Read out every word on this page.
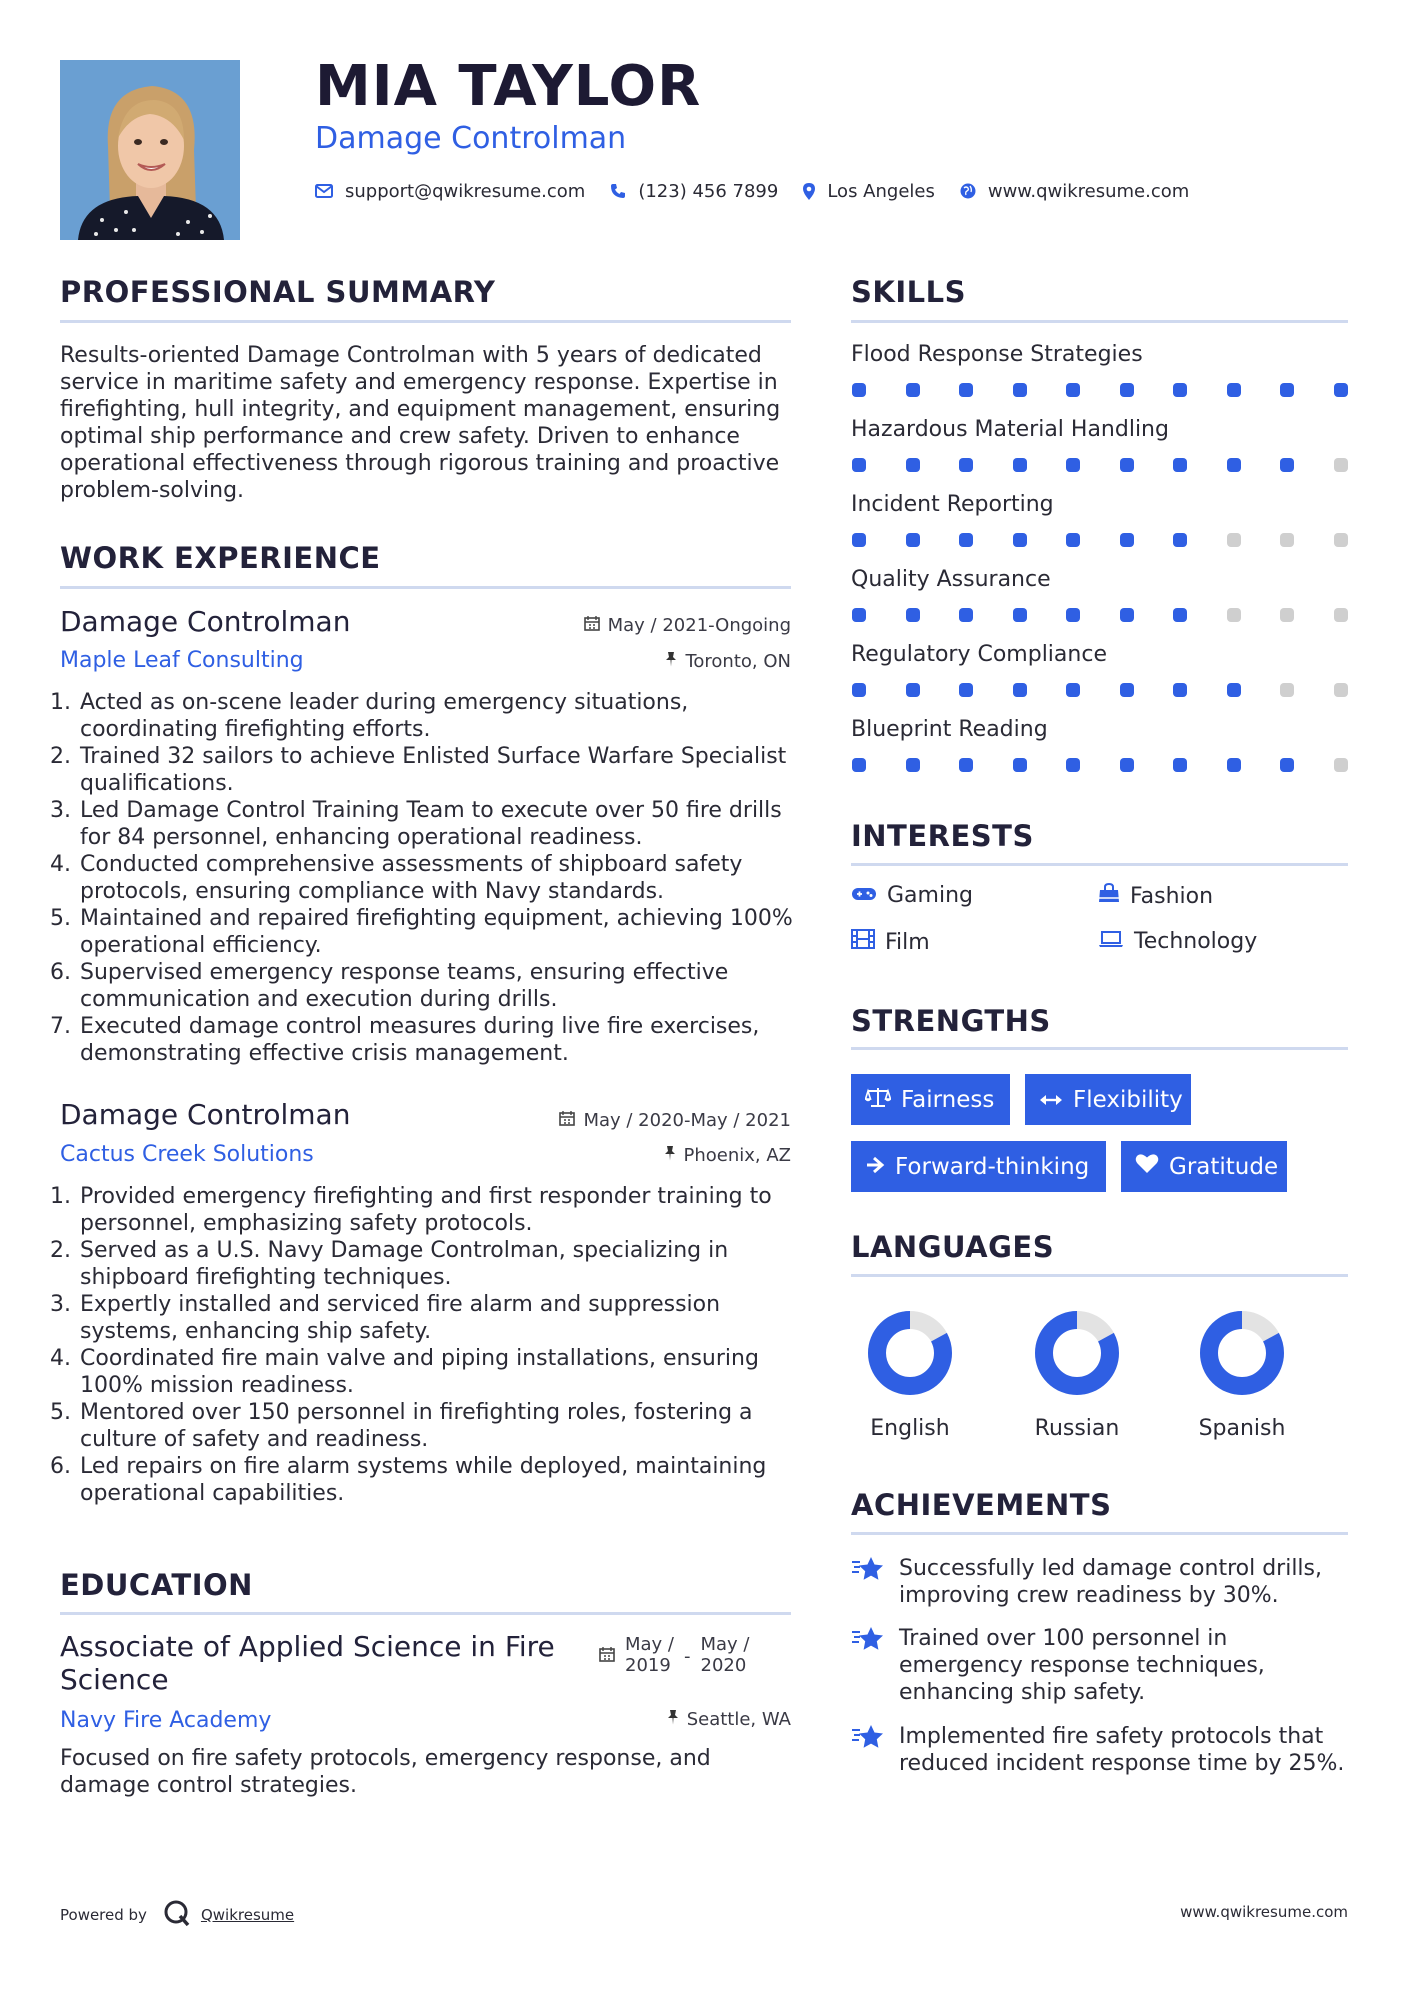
MIA TAYLOR
Damage Controlman
support@qwikresume.com	(123) 456 7899	Los Angeles	www.qwikresume.com
PROFESSIONAL SUMMARY
Results-oriented Damage Controlman with 5 years of dedicated service in maritime safety and emergency response. Expertise in firefighting, hull integrity, and equipment management, ensuring optimal ship performance and crew safety. Driven to enhance operational effectiveness through rigorous training and proactive problem-solving.
WORK EXPERIENCE
Damage Controlman	May / 2021-Ongoing
Maple Leaf Consulting	Toronto, ON
1. Acted as on-scene leader during emergency situations, coordinating firefighting efforts.
2. Trained 32 sailors to achieve Enlisted Surface Warfare Specialist qualifications.
3. Led Damage Control Training Team to execute over 50 fire drills for 84 personnel, enhancing operational readiness.
4. Conducted comprehensive assessments of shipboard safety protocols, ensuring compliance with Navy standards.
5. Maintained and repaired firefighting equipment, achieving 100% operational efficiency.
6. Supervised emergency response teams, ensuring effective communication and execution during drills.
7. Executed damage control measures during live fire exercises, demonstrating effective crisis management.
Damage Controlman	May / 2020-May / 2021
Cactus Creek Solutions	Phoenix, AZ
1. Provided emergency firefighting and first responder training to personnel, emphasizing safety protocols.
2. Served as a U.S. Navy Damage Controlman, specializing in shipboard firefighting techniques.
3. Expertly installed and serviced fire alarm and suppression systems, enhancing ship safety.
4. Coordinated fire main valve and piping installations, ensuring 100% mission readiness.
5. Mentored over 150 personnel in firefighting roles, fostering a culture of safety and readiness.
6. Led repairs on fire alarm systems while deployed, maintaining operational capabilities.
EDUCATION
Associate of Applied Science in Fire Science
May /
2019 -
May /
2020
Navy Fire Academy	Seattle, WA
Focused on fire safety protocols, emergency response, and damage control strategies.
SKILLS
Flood Response Strategies
Hazardous Material Handling
Incident Reporting
Quality Assurance
Regulatory Compliance
Blueprint Reading
INTERESTS
Gaming	Fashion
Film	Technology
STRENGTHS
Fairness	Flexibility
Forward-thinking	Gratitude
LANGUAGES
English	Russian	Spanish
ACHIEVEMENTS
Successfully led damage control drills, improving crew readiness by 30%.
Trained over 100 personnel in emergency response techniques, enhancing ship safety.
Implemented fire safety protocols that reduced incident response time by 25%.
Powered by	Qwikresume	www.qwikresume.com
